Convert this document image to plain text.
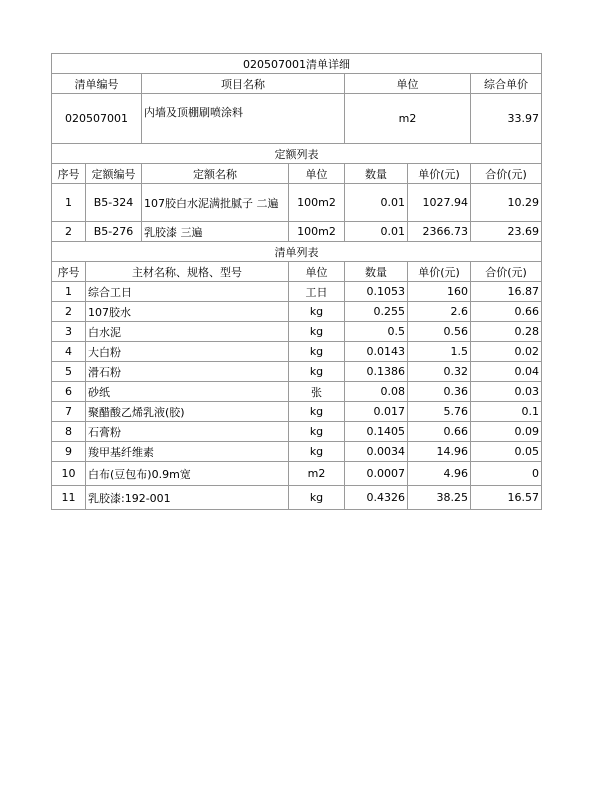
020507001清单详细						
清单编号		项目名称		单位		综合单价
020507001		内墙及顶棚刷喷涂料		m2		33.97
定额列表						
序号	定额编号	定额名称	单位	数量	单价(元)	合价(元)
1	B5-324	107胶白水泥满批腻子 二遍	100m2	0.01	1027.94	10.29
2	B5-276	乳胶漆 三遍	100m2	0.01	2366.73	23.69
清单列表						
序号	主材名称、规格、型号		单位	数量	单价(元)	合价(元)
1	综合工日		工日	0.1053	160	16.87
2	107胶水		kg	0.255	2.6	0.66
3	白水泥		kg	0.5	0.56	0.28
4	大白粉		kg	0.0143	1.5	0.02
5	滑石粉		kg	0.1386	0.32	0.04
6	砂纸		张	0.08	0.36	0.03
7	聚醋酸乙烯乳液(胶)		kg	0.017	5.76	0.1
8	石膏粉		kg	0.1405	0.66	0.09
9	羧甲基纤维素		kg	0.0034	14.96	0.05
10	白布(豆包布)0.9m宽		m2	0.0007	4.96	0
11	乳胶漆:192-001		kg	0.4326	38.25	16.57
